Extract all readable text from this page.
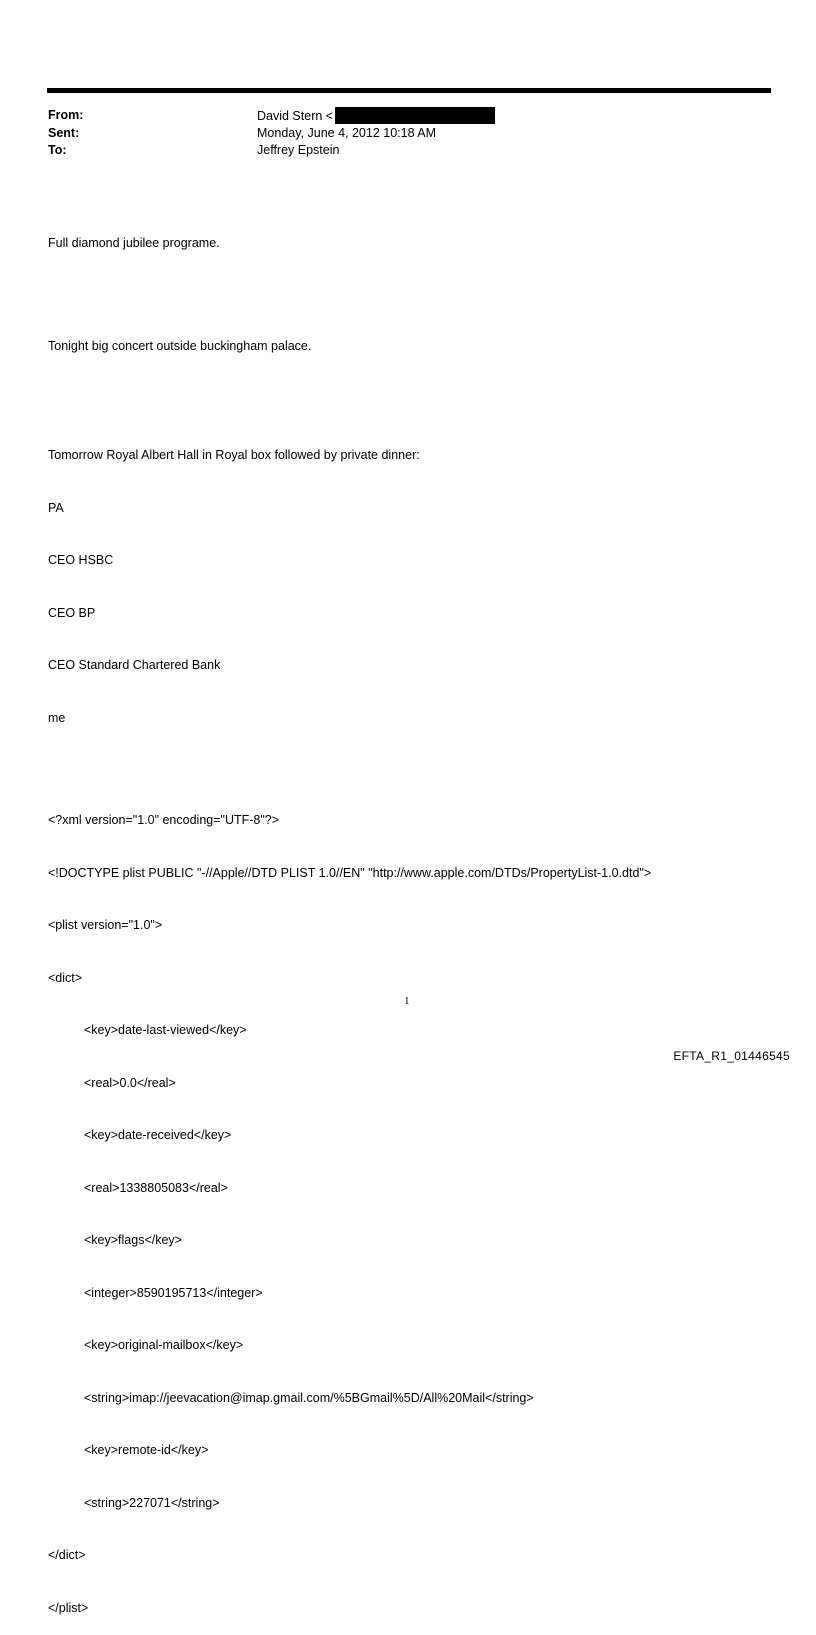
From:	David Stern <
Sent:	Monday, June 4, 2012 10:18 AM
To:	Jeffrey Epstein

Full diamond jubilee programe.

Tonight big concert outside buckingham palace.

Tomorrow Royal Albert Hall in Royal box followed by private dinner:

PA

CEO HSBC

CEO BP

CEO Standard Chartered Bank

me

<?xml version="1.0" encoding="UTF-8"?>

<!DOCTYPE plist PUBLIC "-//Apple//DTD PLIST 1.0//EN" "http://www.apple.com/DTDs/PropertyList-1.0.dtd">

<plist version="1.0">

<dict>

<key>date-last-viewed</key>

<real>0.0</real>

<key>date-received</key>

<real>1338805083</real>

<key>flags</key>

<integer>8590195713</integer>

<key>original-mailbox</key>

<string>imap://jeevacation@imap.gmail.com/%5BGmail%5D/All%20Mail</string>

<key>remote-id</key>

<string>227071</string>

</dict>

</plist>

1
EFTA_R1_01446545
